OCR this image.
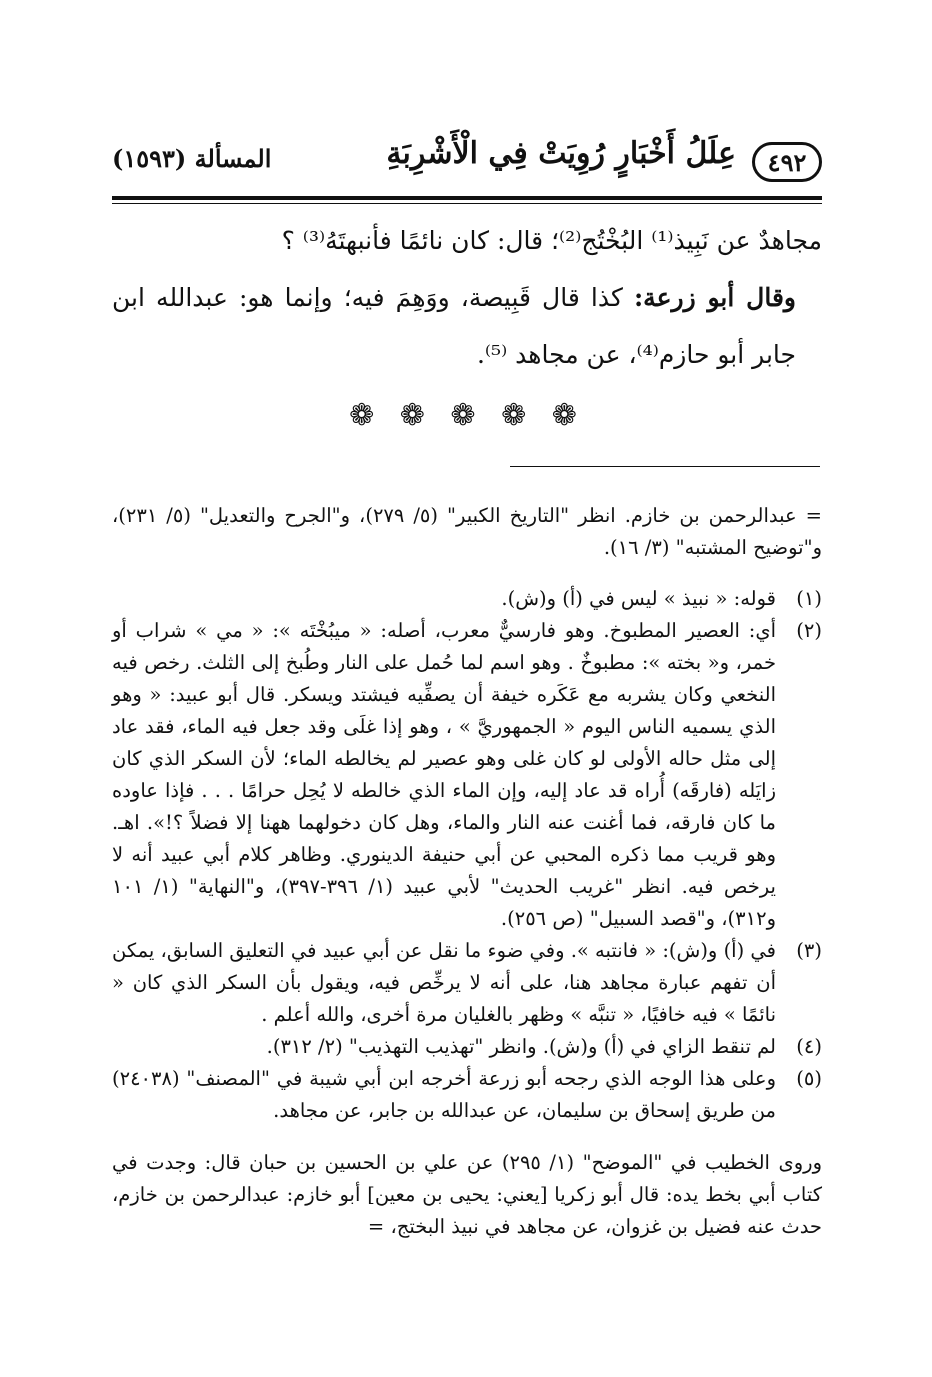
٤٩٢
عِلَلُ أَخْبَارٍ رُوِيَتْ فِي الْأَشْرِبَةِ
المسألة (١٥٩٣)

مجاهدٌ عن نَبِيذ⁽¹⁾ البُخْتُج⁽²⁾؛ قال: كان نائمًا فأنبهتَهُ⁽³⁾ ؟

وقال أبو زرعة: كذا قال قَبِيصة، ووَهِمَ فيه؛ وإنما هو: عبدالله ابن جابر أبو حازم⁽⁴⁾، عن مجاهد ⁽⁵⁾.

❁ ❁ ❁ ❁ ❁

= عبدالرحمن بن خازم. انظر "التاريخ الكبير" (٥/ ٢٧٩)، و"الجرح والتعديل" (٥/ ٢٣١)، و"توضيح المشتبه" (٣/ ١٦).

(١)
قوله: « نبيذ » ليس في (أ) و(ش).
(٢)
أي: العصير المطبوخ. وهو فارسيٌّ معرب، أصله: « ميبُخْتَه »: « مي » شراب أو خمر، و« بخته »: مطبوخٌ . وهو اسم لما حُمل على النار وطُبخ إلى الثلث. رخص فيه النخعي وكان يشربه مع عَكَره خيفة أن يصفِّيه فيشتد ويسكر. قال أبو عبيد: « وهو الذي يسميه الناس اليوم « الجمهوريَّ » ، وهو إذا غلَى وقد جعل فيه الماء، فقد عاد إلى مثل حاله الأولى لو كان غلى وهو عصير لم يخالطه الماء؛ لأن السكر الذي كان زايَله (فارقَه) أُراه قد عاد إليه، وإن الماء الذي خالطه لا يُحِل حرامًا . . . فإذا عاوده ما كان فارقه، فما أغنت عنه النار والماء، وهل كان دخولهما ههنا إلا فضلاً ؟!». اهـ. وهو قريب مما ذكره المحبي عن أبي حنيفة الدينوري. وظاهر كلام أبي عبيد أنه لا يرخص فيه. انظر "غريب الحديث" لأبي عبيد (١/ ٣٩٦-٣٩٧)، و"النهاية" (١/ ١٠١ و٣١٢)، و"قصد السبيل" (ص ٢٥٦).
(٣)
في (أ) و(ش): « فانتبه ». وفي ضوء ما نقل عن أبي عبيد في التعليق السابق، يمكن أن تفهم عبارة مجاهد هنا، على أنه لا يرخِّص فيه، ويقول بأن السكر الذي كان « نائمًا » فيه خافيًا، « تنبَّه » وظهر بالغليان مرة أخرى، والله أعلم .
(٤)
لم تنقط الزاي في (أ) و(ش). وانظر "تهذيب التهذيب" (٢/ ٣١٢).
(٥)
وعلى هذا الوجه الذي رجحه أبو زرعة أخرجه ابن أبي شيبة في "المصنف" (٢٤٠٣٨) من طريق إسحاق بن سليمان، عن عبدالله بن جابر، عن مجاهد.

وروى الخطيب في "الموضح" (١/ ٢٩٥) عن علي بن الحسين بن حبان قال: وجدت في كتاب أبي بخط يده: قال أبو زكريا [يعني: يحيى بن معين] أبو خازم: عبدالرحمن بن خازم، حدث عنه فضيل بن غزوان، عن مجاهد في نبيذ البختج، =
